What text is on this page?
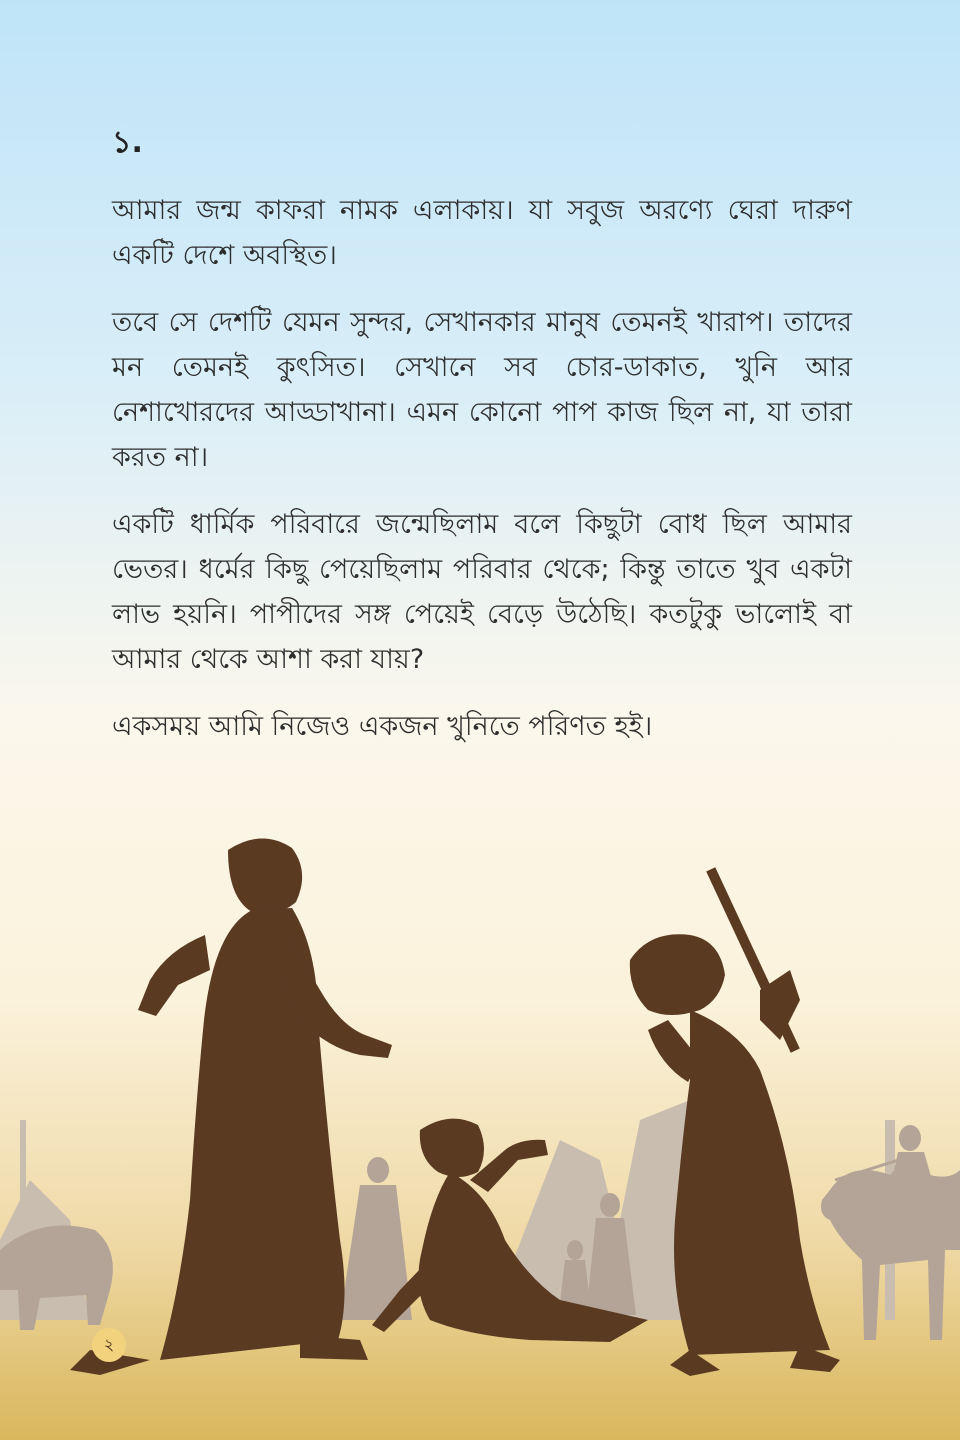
১.

আমার জন্ম কাফরা নামক এলাকায়। যা সবুজ অরণ্যে ঘেরা দারুণ একটি দেশে অবস্থিত।

তবে সে দেশটি যেমন সুন্দর, সেখানকার মানুষ তেমনই খারাপ। তাদের মন তেমনই কুৎসিত। সেখানে সব চোর-ডাকাত, খুনি আর নেশাখোরদের আড্ডাখানা। এমন কোনো পাপ কাজ ছিল না, যা তারা করত না।

একটি ধার্মিক পরিবারে জন্মেছিলাম বলে কিছুটা বোধ ছিল আমার ভেতর। ধর্মের কিছু পেয়েছিলাম পরিবার থেকে; কিন্তু তাতে খুব একটা লাভ হয়নি। পাপীদের সঙ্গ পেয়েই বেড়ে উঠেছি। কতটুকু ভালোই বা আমার থেকে আশা করা যায়?

একসময় আমি নিজেও একজন খুনিতে পরিণত হই।

২
